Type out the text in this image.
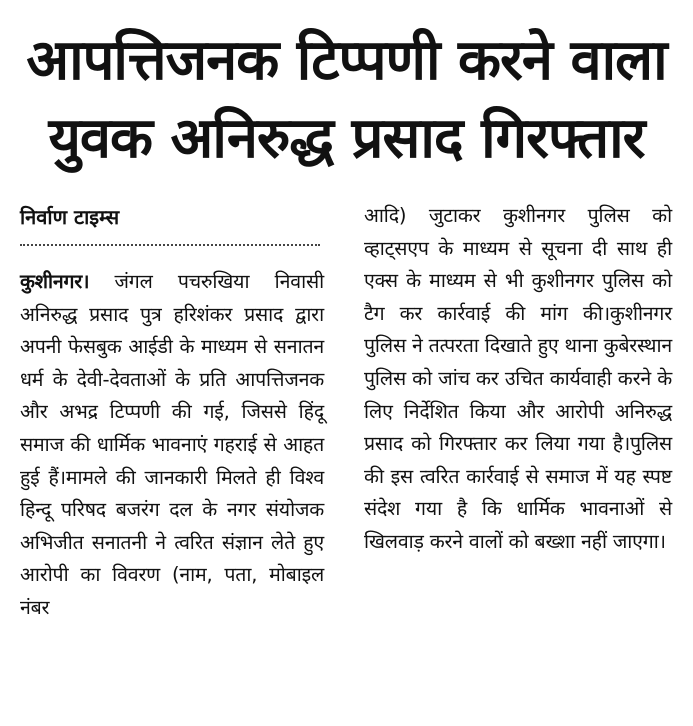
आपत्तिजनक टिप्पणी करने वाला
युवक अनिरुद्ध प्रसाद गिरफ्तार
निर्वाण टाइम्स
कुशीनगर। जंगल पचरुखिया निवासी अनिरुद्ध प्रसाद पुत्र हरिशंकर प्रसाद द्वारा अपनी फेसबुक आईडी के माध्यम से सनातन धर्म के देवी-देवताओं के प्रति आपत्तिजनक और अभद्र टिप्पणी की गई, जिससे हिंदू समाज की धार्मिक भावनाएं गहराई से आहत हुई हैं।मामले की जानकारी मिलते ही विश्व हिन्दू परिषद बजरंग दल के नगर संयोजक अभिजीत सनातनी ने त्वरित संज्ञान लेते हुए आरोपी का विवरण (नाम, पता, मोबाइल नंबर
आदि) जुटाकर कुशीनगर पुलिस को व्हाट्सएप के माध्यम से सूचना दी साथ ही एक्स के माध्यम से भी कुशीनगर पुलिस को टैग कर कार्रवाई की मांग की।कुशीनगर पुलिस ने तत्परता दिखाते हुए थाना कुबेरस्थान पुलिस को जांच कर उचित कार्यवाही करने के लिए निर्देशित किया और आरोपी अनिरुद्ध प्रसाद को गिरफ्तार कर लिया गया है।पुलिस की इस त्वरित कार्रवाई से समाज में यह स्पष्ट संदेश गया है कि धार्मिक भावनाओं से खिलवाड़ करने वालों को बख्शा नहीं जाएगा।
